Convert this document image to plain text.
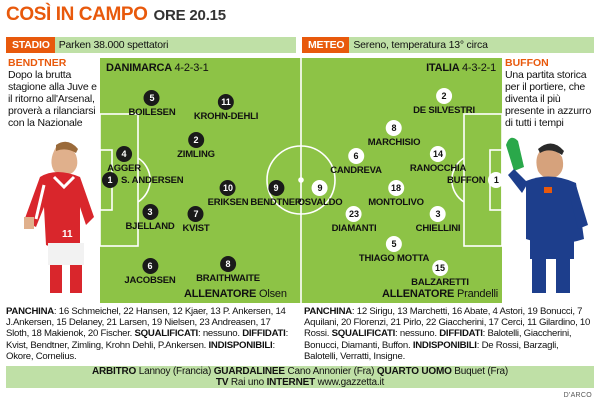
COSÌ IN CAMPO ORE 20.15
STADIO Parken 38.000 spettatori	METEO Sereno, temperatura 13° circa
BENDTNER
Dopo la brutta stagione alla Juve e il ritorno all'Arsenal, proverà a rilanciarsi con la Nazionale
BUFFON
Una partita storica per il portiere, che diventa il più presente in azzurro di tutti i tempi
11
DANIMARCA 4-2-3-1	ITALIA 4-3-2-1
1 S. ANDERSEN
4
AGGER
3
BJELLAND
6
JACOBSEN
5
BOILESEN
2
ZIMLING
7
KVIST
11
KROHN-DEHLI
10
ERIKSEN
8
BRAITHWAITE
9
BENDTNER
1
BUFFON
3
CHIELLINI
14
RANOCCHIA
2
DE SILVESTRI
15
BALZARETTI
18
MONTOLIVO
8
MARCHISIO
5
THIAGO MOTTA
6
CANDREVA
23
DIAMANTI
9
OSVALDO
ALLENATORE Olsen	ALLENATORE Prandelli
PANCHINA: 16 Schmeichel, 22 Hansen, 12 Kjaer, 13 P. Ankersen, 14 J.Ankersen, 15 Delaney, 21 Larsen, 19 Nielsen, 23 Andreasen, 17 Sloth, 18 Makienok, 20 Fischer. SQUALIFICATI: nessuno. DIFFIDATI: Kvist, Bendtner, Zimling, Krohn Dehli, P.Ankersen. INDISPONIBILI: Okore, Cornelius.
PANCHINA: 12 Sirigu, 13 Marchetti, 16 Abate, 4 Astori, 19 Bonucci, 7 Aquilani, 20 Florenzi, 21 Pirlo, 22 Giaccherini, 17 Cerci, 11 Gilardino, 10 Rossi. SQUALIFICATI: nessuno. DIFFIDATI: Balotelli, Giaccherini, Bonucci, Diamanti, Buffon. INDISPONIBILI: De Rossi, Barzagli, Balotelli, Verratti, Insigne.
ARBITRO Lannoy (Francia) GUARDALINEE Cano Annonier (Fra) QUARTO UOMO Buquet (Fra)
TV Rai uno INTERNET www.gazzetta.it
D'ARCO
